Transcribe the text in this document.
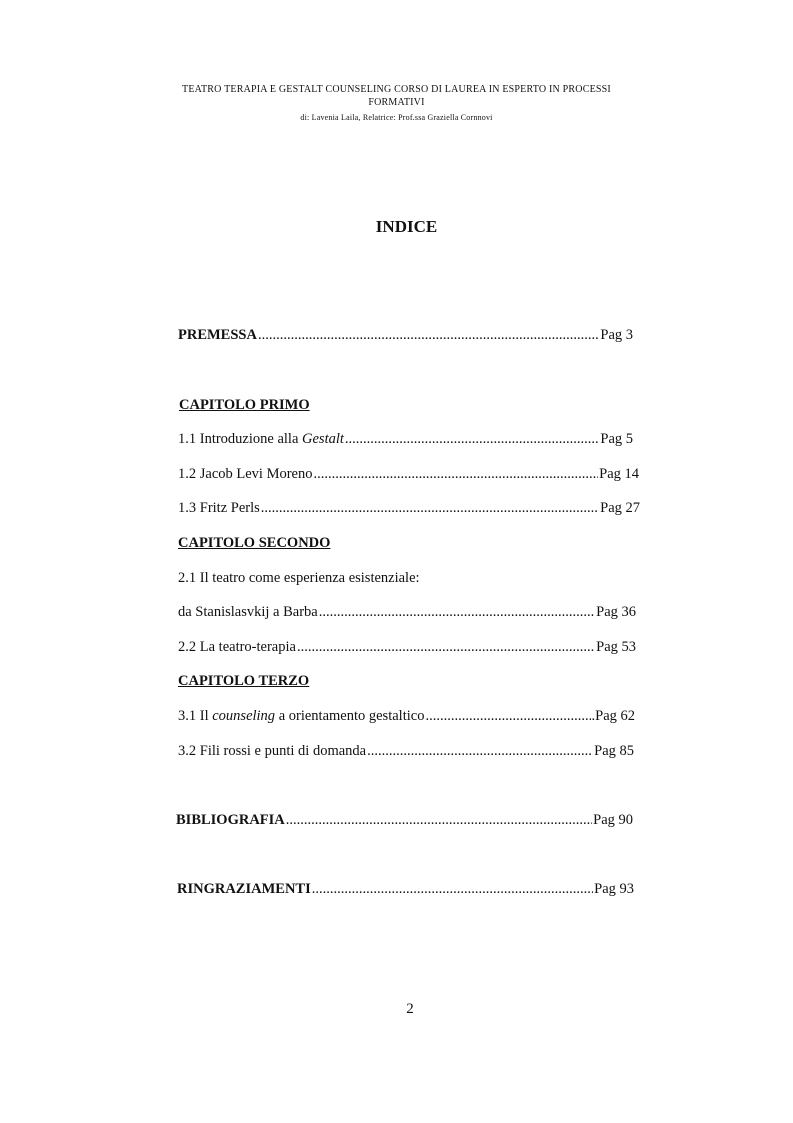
TEATRO TERAPIA E GESTALT COUNSELING CORSO DI LAUREA IN ESPERTO IN PROCESSI
FORMATIVI
di: Lavenia Laila, Relatrice: Prof.ssa Graziella Cornnovi
INDICE
PREMESSA .....	Pag 3
CAPITOLO PRIMO
1.1 Introduzione alla Gestalt .....	Pag 5
1.2 Jacob Levi Moreno .....	Pag 14
1.3 Fritz Perls .....	Pag 27
CAPITOLO SECONDO
2.1 Il teatro come esperienza esistenziale:
da Stanislasvkij a Barba .....	Pag 36
2.2 La teatro-terapia .....	Pag 53
CAPITOLO TERZO
3.1 Il counseling a orientamento gestaltico .....	.Pag 62
3.2 Fili rossi e punti di domanda .....	Pag 85
BIBLIOGRAFIA .....	Pag 90
RINGRAZIAMENTI .....	Pag 93
2
